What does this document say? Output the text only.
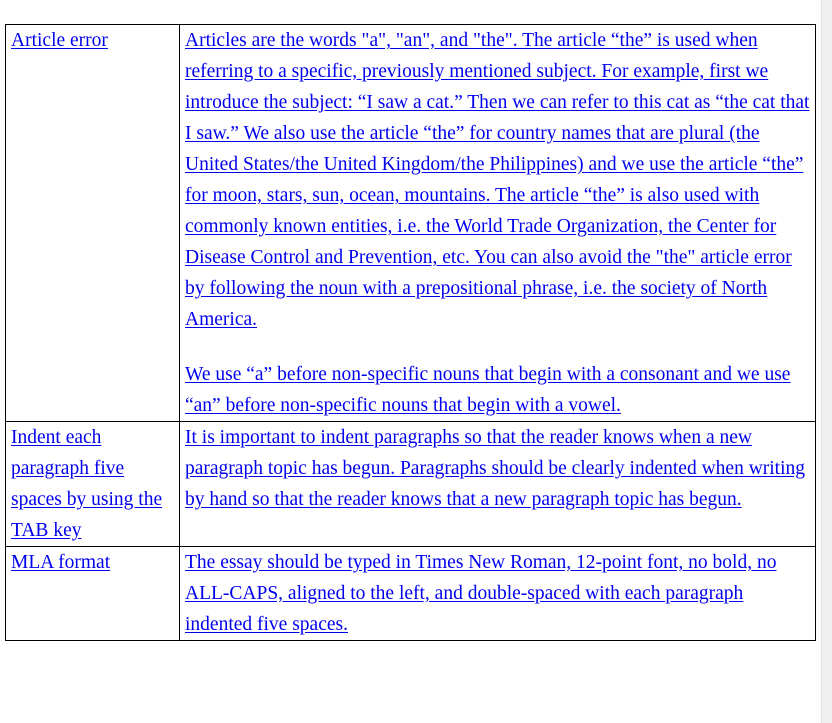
Article error	Articles are the words "a", "an", and "the". The article “the” is used when referring to a specific, previously mentioned subject. For example, first we introduce the subject: “I saw a cat.” Then we can refer to this cat as “the cat that I saw.” We also use the article “the” for country names that are plural (the United States/the United Kingdom/the Philippines) and we use the article “the” for moon, stars, sun, ocean, mountains. The article “the” is also used with commonly known entities, i.e. the World Trade Organization, the Center for Disease Control and Prevention, etc. You can also avoid the "the" article error by following the noun with a prepositional phrase, i.e. the society of North America.
We use “a” before non-specific nouns that begin with a consonant and we use “an” before non-specific nouns that begin with a vowel.

Indent each paragraph five spaces by using the TAB key	It is important to indent paragraphs so that the reader knows when a new paragraph topic has begun. Paragraphs should be clearly indented when writing by hand so that the reader knows that a new paragraph topic has begun.

MLA format	The essay should be typed in Times New Roman, 12-point font, no bold, no ALL-CAPS, aligned to the left, and double-spaced with each paragraph indented five spaces.
